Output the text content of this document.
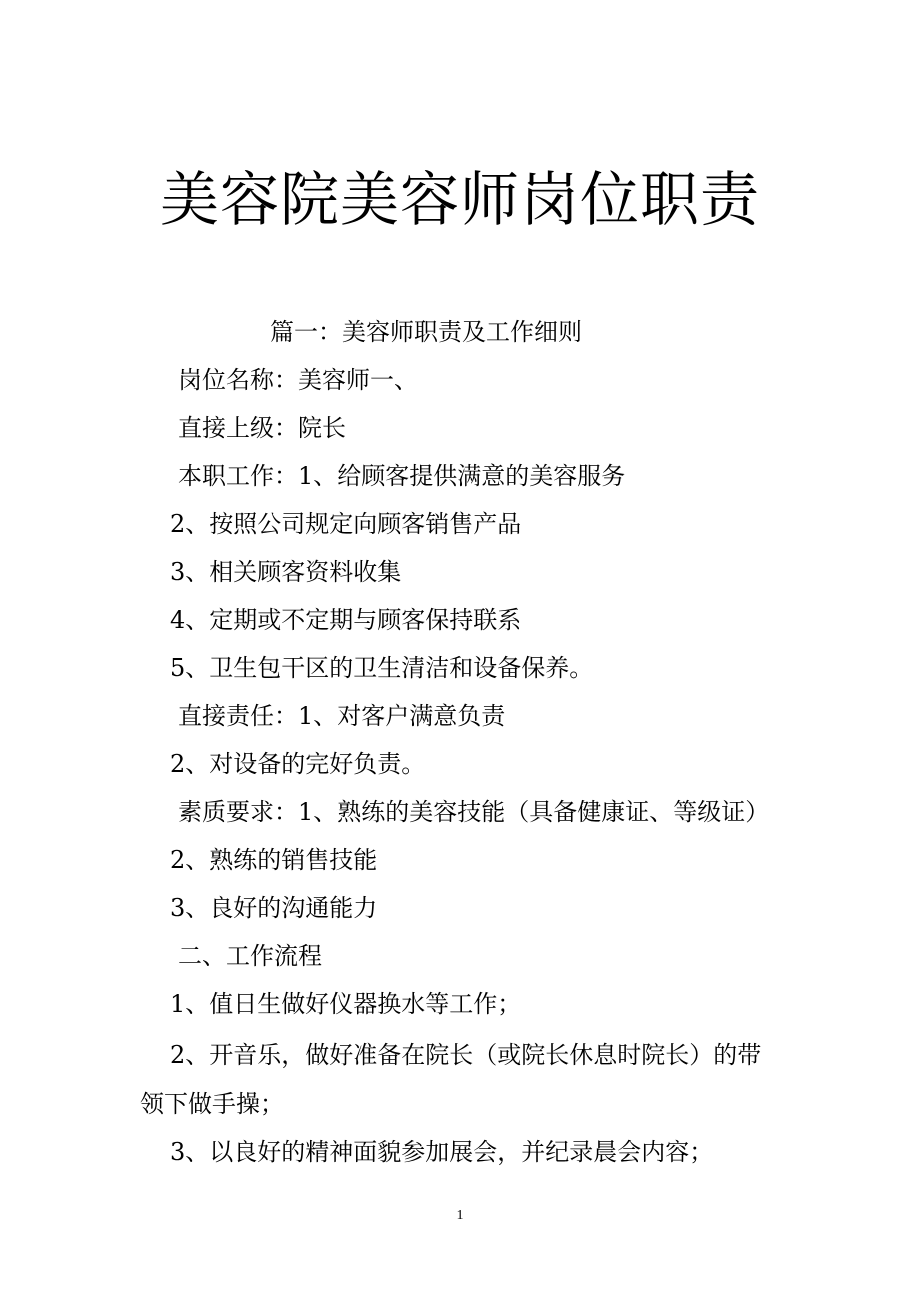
美容院美容师岗位职责

篇一：美容师职责及工作细则

岗位名称：美容师一、

直接上级：院长

本职工作：1、给顾客提供满意的美容服务

2、按照公司规定向顾客销售产品

3、相关顾客资料收集

4、定期或不定期与顾客保持联系

5、卫生包干区的卫生清洁和设备保养。

直接责任：1、对客户满意负责

2、对设备的完好负责。

素质要求：1、熟练的美容技能（具备健康证、等级证）

2、熟练的销售技能

3、良好的沟通能力

二、工作流程

1、值日生做好仪器换水等工作；

2、开音乐，做好准备在院长（或院长休息时院长）的带

领下做手操；

3、以良好的精神面貌参加展会，并纪录晨会内容；

1
